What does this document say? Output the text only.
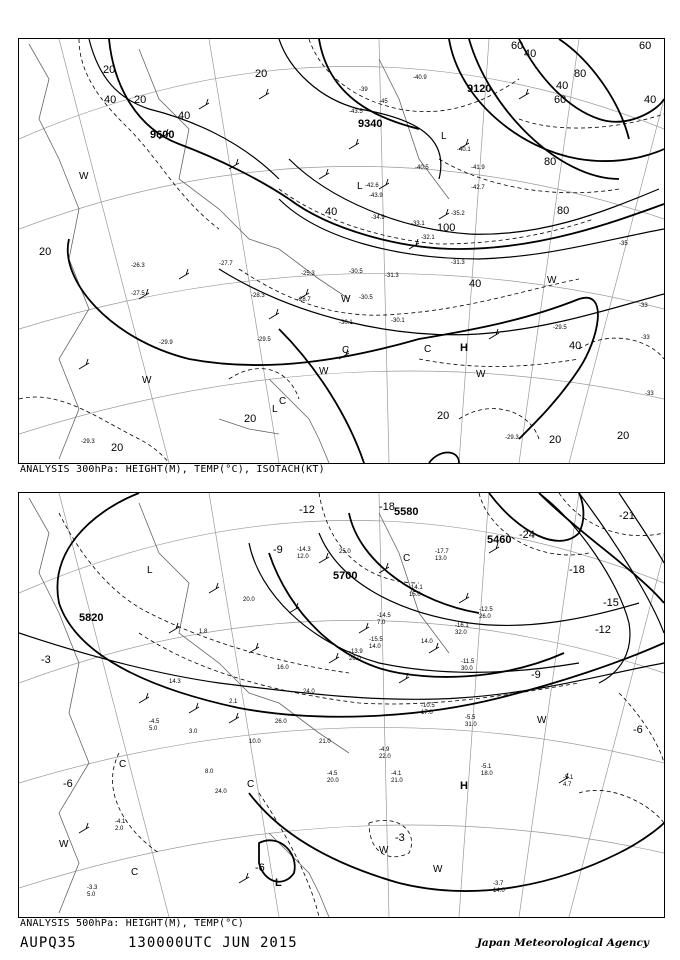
9120
9600
9340
20	20
40 20
40
60
80
40
40
60	40
80
100
40
20
20
20
40
20
20
60
40
80
20
-27.5
-29.9
-28.7
-30.1	-30.1
-30.5
-31.3
-32.1
-33.1
-35.2
-40.1
-40.5
-42.7
-41.9
-26.3
-29.3
-25.3
-28.3
-29.5
-27.7
-30.5
-31.3
-40.9
-39
-45
-43.5
-42.6
-34.9
-43.9
-29.3
-29.5
-33
-33
-33
-35
H
L
L
L
C	C
C
W
W
W	W
W
W
ANALYSIS 300hPa: HEIGHT(M), TEMP(°C), ISOTACH(KT)
5820
5700
5580
5460
-3
-6
-6
-9
-12
-15
-18
-21
-24
-18
-12
-9
-3
-6
-5.1
18.0
-5.5
31.0
-4.9
22.0
-4.1
21.0
-3.7
14.0
-4.5
20.0	-5.1
4.7
-3.3
5.0
-4.1
2.0
-4.5
5.0
-13.9
26.0
-14.5
7.0
-12.5
26.0
-16.1
32.0
-17.7
13.0
-11.5
30.0
-10.5
17.0
-14.3
12.0
-14.1
15.0
-15.5
14.0
24.0
26.0
24.0
21.0
10.0
8.0
16.0
25.0
14.0
20.0
1.8
14.3
2.1
3.0
H
L
L
C
C
C
C
W
W
W
W
ANALYSIS 500hPa: HEIGHT(M), TEMP(°C)
AUPQ35	130000UTC JUN 2015	Japan Meteorological Agency
